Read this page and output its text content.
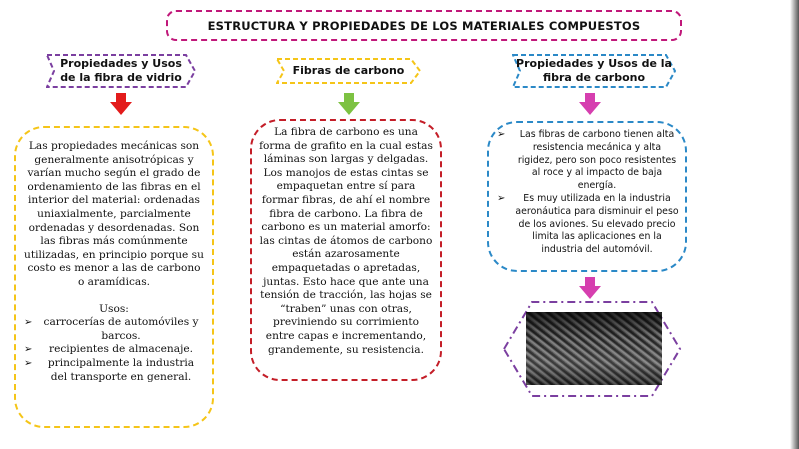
ESTRUCTURA Y PROPIEDADES DE LOS MATERIALES COMPUESTOS
Propiedades y Usos
de la fibra de vidrio

Las propiedades mecánicas son generalmente anisotrópicas y varían mucho según el grado de ordenamiento de las fibras en el interior del material: ordenadas uniaxialmente, parcialmente ordenadas y desordenadas. Son las fibras más comúnmente utilizadas, en principio porque su costo es menor a las de carbono o aramídicas.

Usos:

➢ carrocerías de automóviles y barcos.
➢ recipientes de almacenaje.
➢ principalmente la industria del transporte en general.
Fibras de carbono

La fibra de carbono es una forma de grafito en la cual estas láminas son largas y delgadas. Los manojos de estas cintas se empaquetan entre sí para formar fibras, de ahí el nombre fibra de carbono. La fibra de carbono es un material amorfo: las cintas de átomos de carbono están azarosamente empaquetadas o apretadas, juntas. Esto hace que ante una tensión de tracción, las hojas se “traben” unas con otras, previniendo su corrimiento entre capas e incrementando, grandemente, su resistencia.

Propiedades y Usos de la
fibra de carbono
➢ Las fibras de carbono tienen alta resistencia mecánica y alta rigidez, pero son poco resistentes al roce y al impacto de baja energía.
➢ Es muy utilizada en la industria aeronáutica para disminuir el peso de los aviones. Su elevado precio limita las aplicaciones en la industria del automóvil.
